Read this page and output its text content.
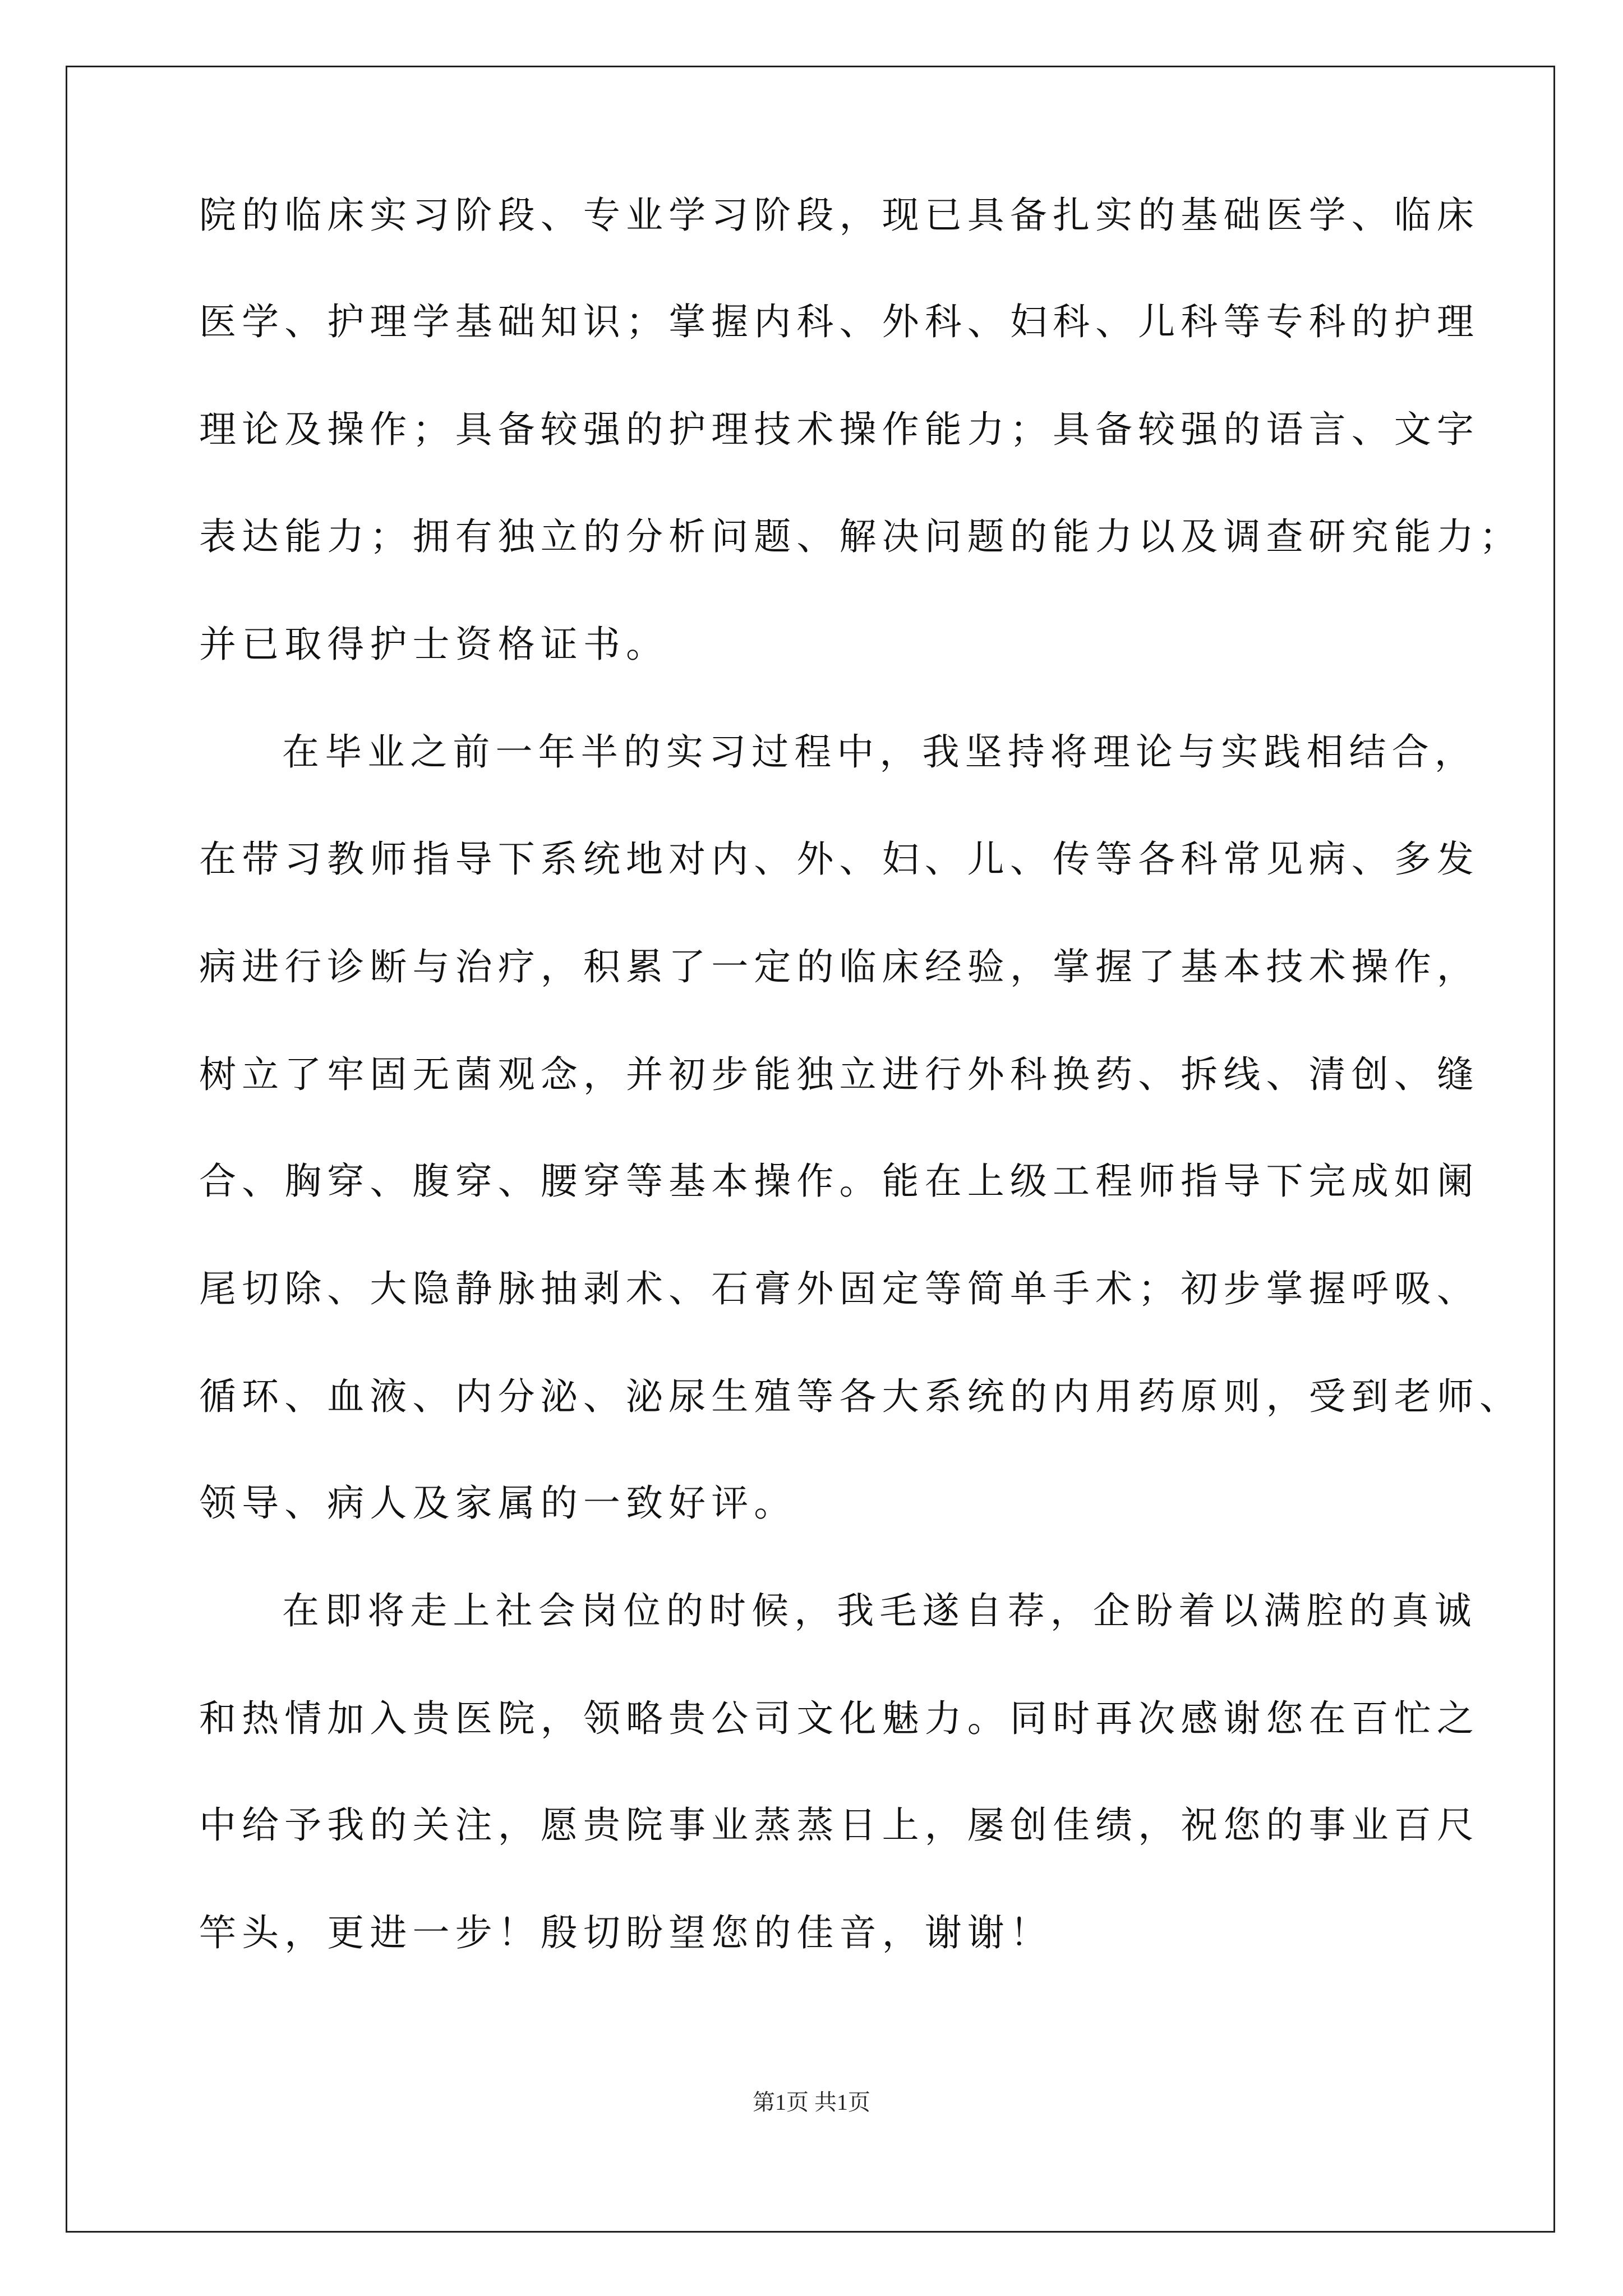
院的临床实习阶段、专业学习阶段，现已具备扎实的基础医学、临床
医学、护理学基础知识；掌握内科、外科、妇科、儿科等专科的护理
理论及操作；具备较强的护理技术操作能力；具备较强的语言、文字
表达能力；拥有独立的分析问题、解决问题的能力以及调查研究能力；
并已取得护士资格证书。
在毕业之前一年半的实习过程中，我坚持将理论与实践相结合，
在带习教师指导下系统地对内、外、妇、儿、传等各科常见病、多发
病进行诊断与治疗，积累了一定的临床经验，掌握了基本技术操作，
树立了牢固无菌观念，并初步能独立进行外科换药、拆线、清创、缝
合、胸穿、腹穿、腰穿等基本操作。能在上级工程师指导下完成如阑
尾切除、大隐静脉抽剥术、石膏外固定等简单手术；初步掌握呼吸、
循环、血液、内分泌、泌尿生殖等各大系统的内用药原则，受到老师、
领导、病人及家属的一致好评。
在即将走上社会岗位的时候，我毛遂自荐，企盼着以满腔的真诚
和热情加入贵医院，领略贵公司文化魅力。同时再次感谢您在百忙之
中给予我的关注，愿贵院事业蒸蒸日上，屡创佳绩，祝您的事业百尺
竿头，更进一步！殷切盼望您的佳音，谢谢！
第1页 共1页
